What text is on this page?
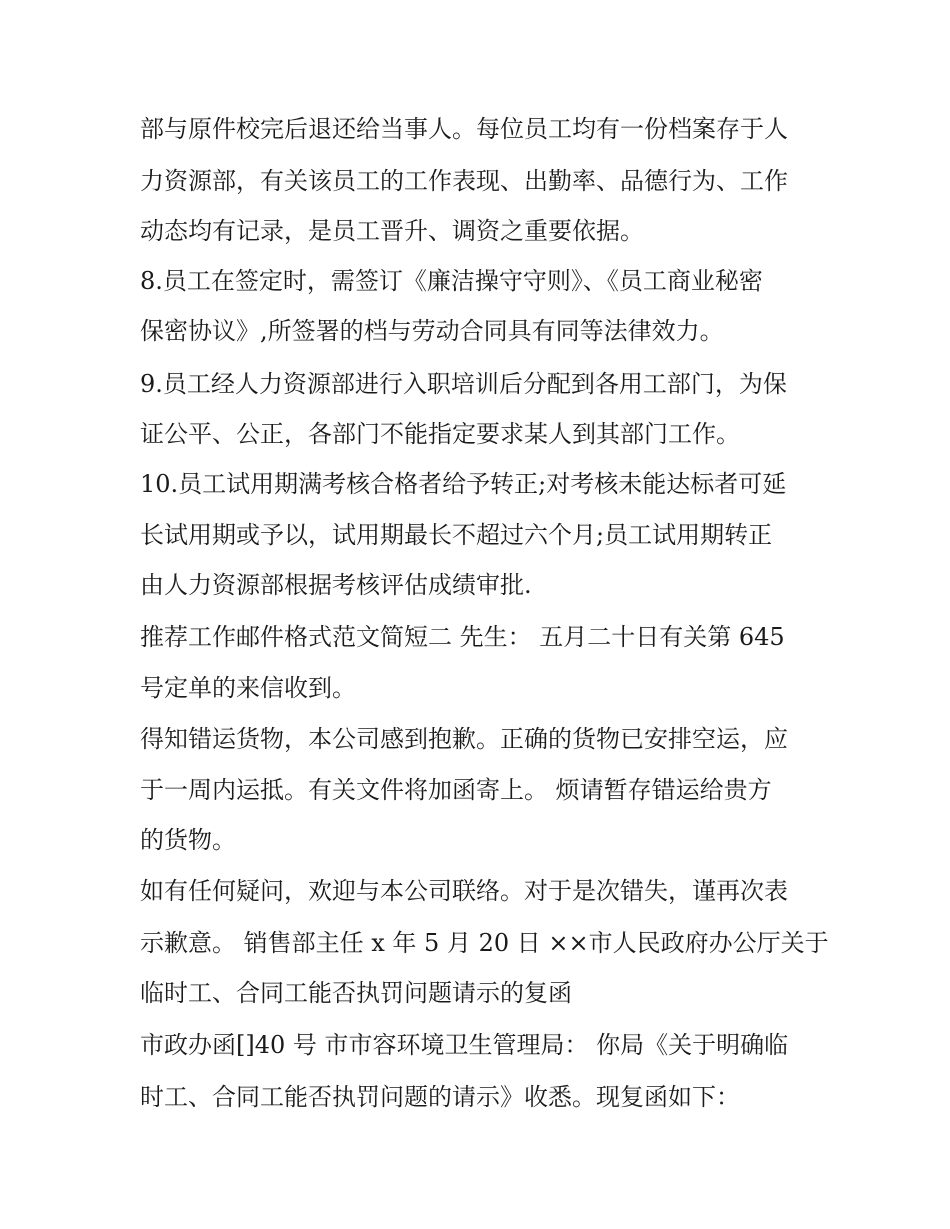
部与原件校完后退还给当事人。每位员工均有一份档案存于人
力资源部，有关该员工的工作表现、出勤率、品德行为、工作
动态均有记录，是员工晋升、调资之重要依据。
8.员工在签定时，需签订《廉洁操守守则》、《员工商业秘密
保密协议》,所签署的档与劳动合同具有同等法律效力。
9.员工经人力资源部进行入职培训后分配到各用工部门，为保
证公平、公正，各部门不能指定要求某人到其部门工作。
10.员工试用期满考核合格者给予转正;对考核未能达标者可延
长试用期或予以，试用期最长不超过六个月;员工试用期转正
由人力资源部根据考核评估成绩审批.
推荐工作邮件格式范文简短二 先生： 五月二十日有关第 645
号定单的来信收到。
得知错运货物，本公司感到抱歉。正确的货物已安排空运，应
于一周内运抵。有关文件将加函寄上。 烦请暂存错运给贵方
的货物。
如有任何疑问，欢迎与本公司联络。对于是次错失，谨再次表
示歉意。 销售部主任 x 年 5 月 20 日 ××市人民政府办公厅关于
临时工、合同工能否执罚问题请示的复函
市政办函[]40 号 市市容环境卫生管理局： 你局《关于明确临
时工、合同工能否执罚问题的请示》收悉。现复函如下：
